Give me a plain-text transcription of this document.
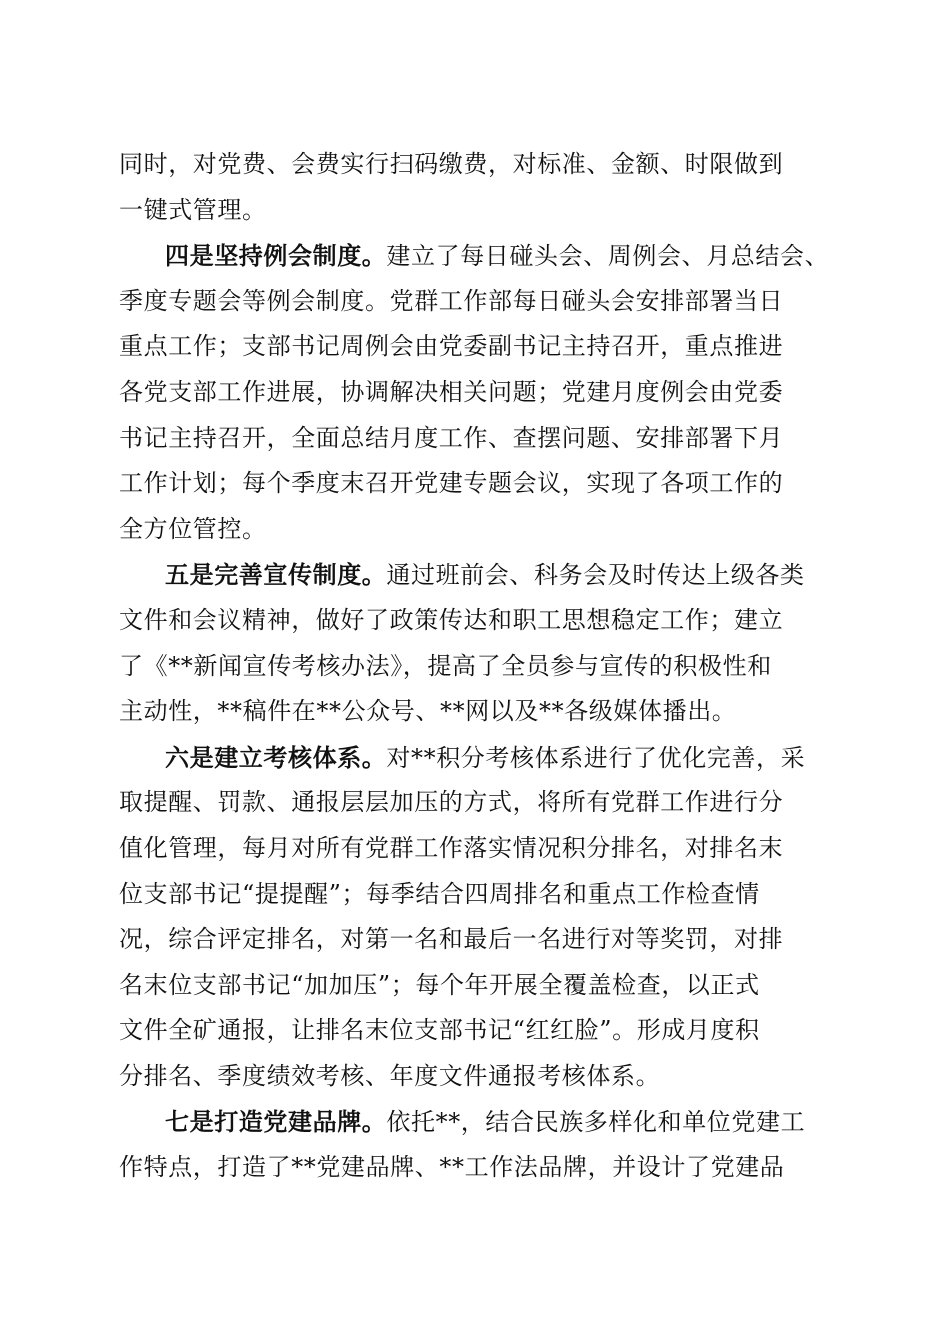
同时，对党费、会费实行扫码缴费，对标准、金额、时限做到
一键式管理。
四是坚持例会制度。建立了每日碰头会、周例会、月总结会、
季度专题会等例会制度。党群工作部每日碰头会安排部署当日
重点工作；支部书记周例会由党委副书记主持召开，重点推进
各党支部工作进展，协调解决相关问题；党建月度例会由党委
书记主持召开，全面总结月度工作、查摆问题、安排部署下月
工作计划；每个季度末召开党建专题会议，实现了各项工作的
全方位管控。
五是完善宣传制度。通过班前会、科务会及时传达上级各类
文件和会议精神，做好了政策传达和职工思想稳定工作；建立
了《**新闻宣传考核办法》，提高了全员参与宣传的积极性和
主动性，**稿件在**公众号、**网以及**各级媒体播出。
六是建立考核体系。对**积分考核体系进行了优化完善，采
取提醒、罚款、通报层层加压的方式，将所有党群工作进行分
值化管理，每月对所有党群工作落实情况积分排名，对排名末
位支部书记“提提醒”；每季结合四周排名和重点工作检查情
况，综合评定排名，对第一名和最后一名进行对等奖罚，对排
名末位支部书记“加加压”；每个年开展全覆盖检查，以正式
文件全矿通报，让排名末位支部书记“红红脸”。形成月度积
分排名、季度绩效考核、年度文件通报考核体系。
七是打造党建品牌。依托**，结合民族多样化和单位党建工
作特点，打造了**党建品牌、**工作法品牌，并设计了党建品
